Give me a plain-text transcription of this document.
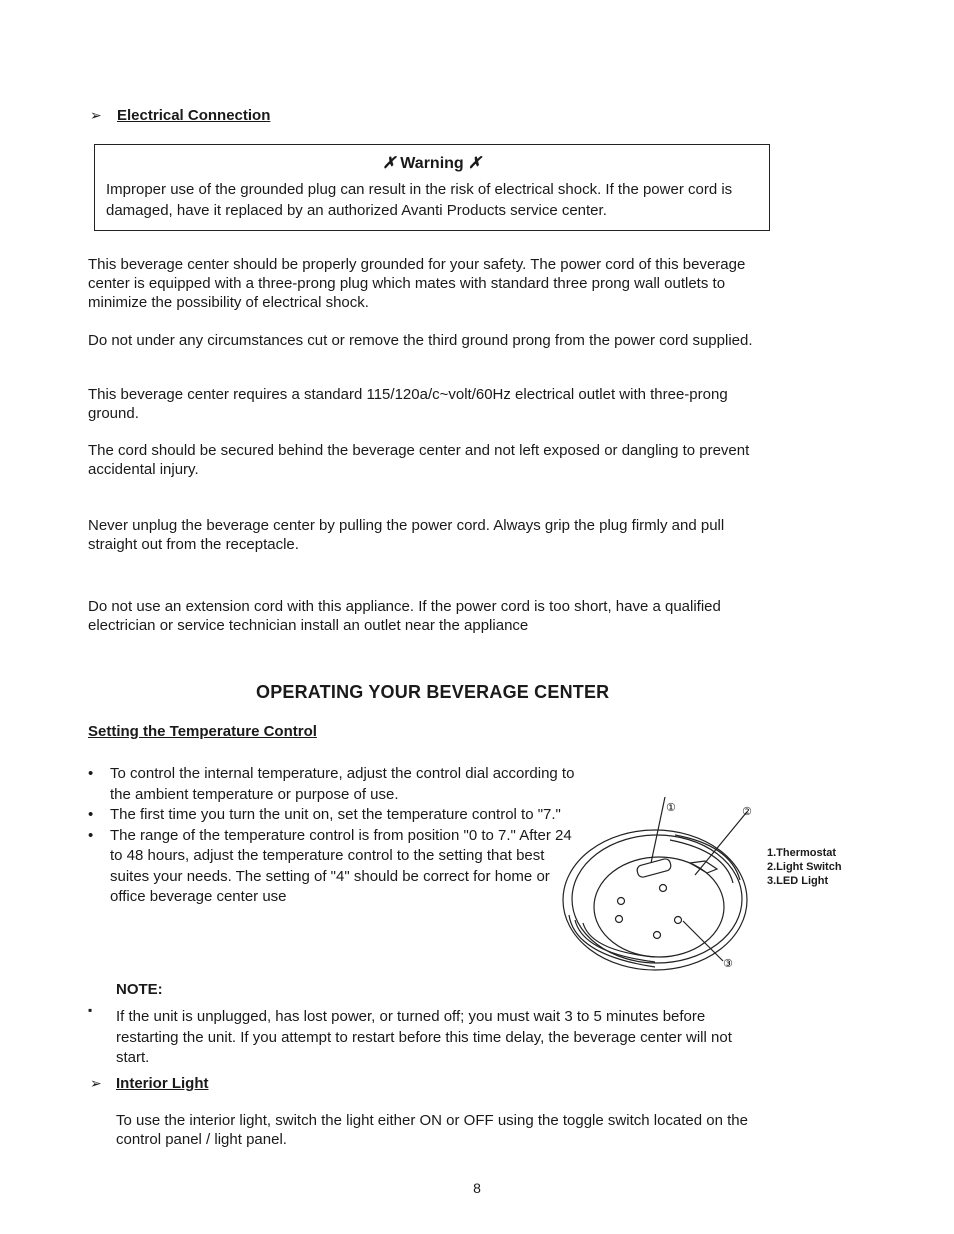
➢ Electrical Connection
✗ Warning ✗
Improper use of the grounded plug can result in the risk of electrical shock. If the power cord is damaged, have it replaced by an authorized Avanti Products service center.
This beverage center should be properly grounded for your safety. The power cord of this beverage center is equipped with a three-prong plug which mates with standard three prong wall outlets to minimize the possibility of electrical shock.
Do not under any circumstances cut or remove the third ground prong from the power cord supplied.
This beverage center requires a standard 115/120a/c~volt/60Hz electrical outlet with three-prong ground.
The cord should be secured behind the beverage center and not left exposed or dangling to prevent accidental injury.
Never unplug the beverage center by pulling the power cord. Always grip the plug firmly and pull straight out from the receptacle.
Do not use an extension cord with this appliance. If the power cord is too short, have a qualified electrician or service technician install an outlet near the appliance
OPERATING YOUR BEVERAGE CENTER
Setting the Temperature Control
• To control the internal temperature, adjust the control dial according to the ambient temperature or purpose of use.
• The first time you turn the unit on, set the temperature control to "7."
• The range of the temperature control is from position "0 to 7." After 24 to 48 hours, adjust the temperature control to the setting that best suites your needs. The setting of "4" should be correct for home or office beverage center use
①	②
③
1.Thermostat
2.Light Switch
3.LED Light
NOTE:
▪ If the unit is unplugged, has lost power, or turned off; you must wait 3 to 5 minutes before restarting the unit. If you attempt to restart before this time delay, the beverage center will not start.
➢ Interior Light
To use the interior light, switch the light either ON or OFF using the toggle switch located on the control panel / light panel.
8
